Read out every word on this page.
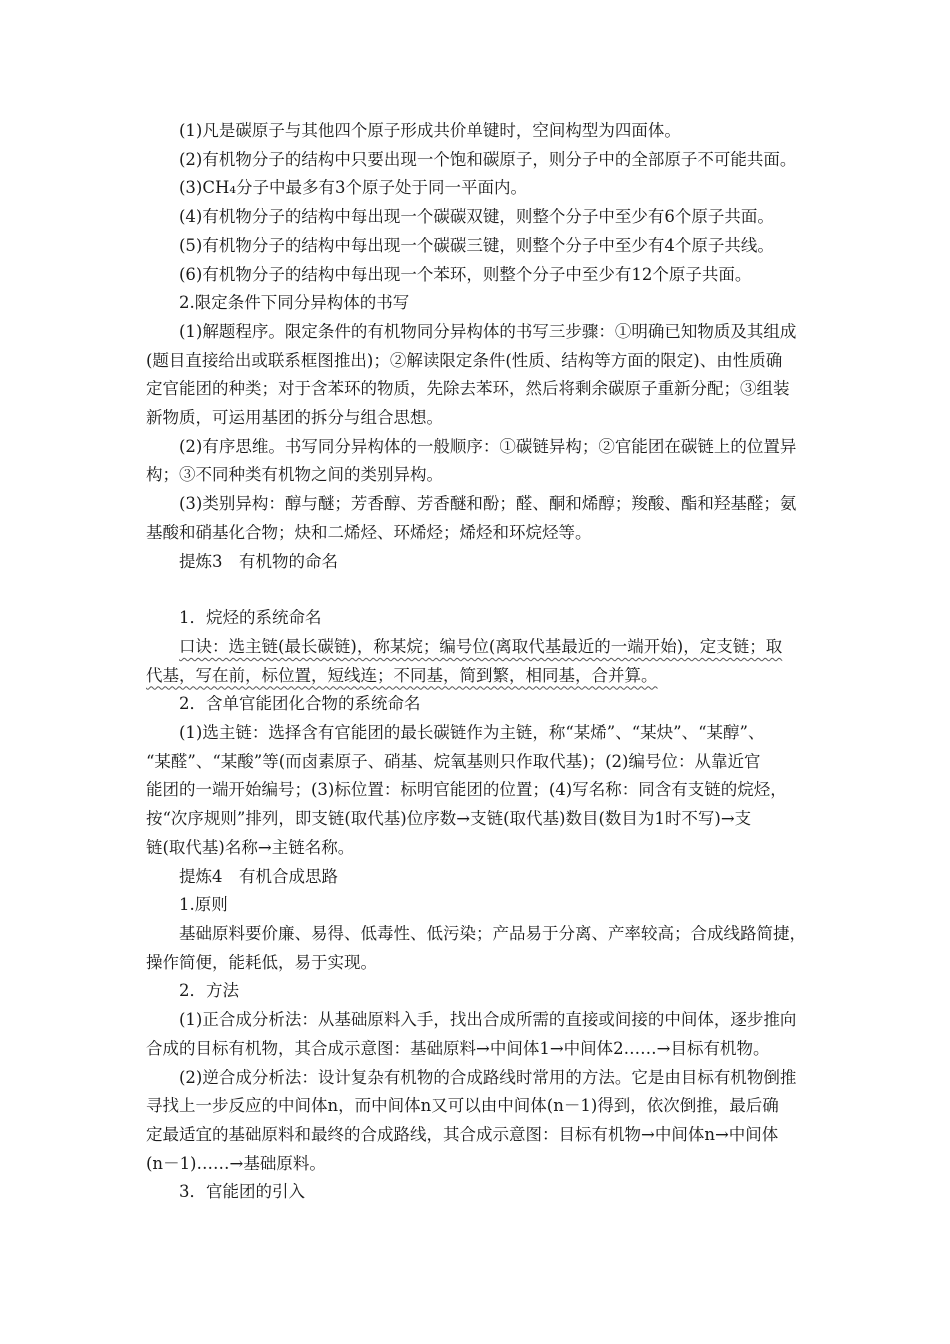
(1)凡是碳原子与其他四个原子形成共价单键时，空间构型为四面体。

(2)有机物分子的结构中只要出现一个饱和碳原子，则分子中的全部原子不可能共面。

(3)CH₄分子中最多有3个原子处于同一平面内。

(4)有机物分子的结构中每出现一个碳碳双键，则整个分子中至少有6个原子共面。

(5)有机物分子的结构中每出现一个碳碳三键，则整个分子中至少有4个原子共线。

(6)有机物分子的结构中每出现一个苯环，则整个分子中至少有12个原子共面。

2.限定条件下同分异构体的书写

(1)解题程序。限定条件的有机物同分异构体的书写三步骤：①明确已知物质及其组成

(题目直接给出或联系框图推出)；②解读限定条件(性质、结构等方面的限定)、由性质确

定官能团的种类；对于含苯环的物质，先除去苯环，然后将剩余碳原子重新分配；③组装

新物质，可运用基团的拆分与组合思想。

(2)有序思维。书写同分异构体的一般顺序：①碳链异构；②官能团在碳链上的位置异

构；③不同种类有机物之间的类别异构。

(3)类别异构：醇与醚；芳香醇、芳香醚和酚；醛、酮和烯醇；羧酸、酯和羟基醛；氨

基酸和硝基化合物；炔和二烯烃、环烯烃；烯烃和环烷烃等。

提炼3　有机物的命名

1．烷烃的系统命名

口诀：选主链(最长碳链)，称某烷；编号位(离取代基最近的一端开始)，定支链；取

代基，写在前，标位置，短线连；不同基，简到繁，相同基，合并算。

2．含单官能团化合物的系统命名

(1)选主链：选择含有官能团的最长碳链作为主链，称“某烯”、“某炔”、“某醇”、

“某醛”、“某酸”等(而卤素原子、硝基、烷氧基则只作取代基)；(2)编号位：从靠近官

能团的一端开始编号；(3)标位置：标明官能团的位置；(4)写名称：同含有支链的烷烃，

按“次序规则”排列，即支链(取代基)位序数→支链(取代基)数目(数目为1时不写)→支

链(取代基)名称→主链名称。

提炼4　有机合成思路

1.原则

基础原料要价廉、易得、低毒性、低污染；产品易于分离、产率较高；合成线路简捷，

操作简便，能耗低，易于实现。

2．方法

(1)正合成分析法：从基础原料入手，找出合成所需的直接或间接的中间体，逐步推向

合成的目标有机物，其合成示意图：基础原料→中间体1→中间体2……→目标有机物。

(2)逆合成分析法：设计复杂有机物的合成路线时常用的方法。它是由目标有机物倒推

寻找上一步反应的中间体n，而中间体n又可以由中间体(n－1)得到，依次倒推，最后确

定最适宜的基础原料和最终的合成路线，其合成示意图：目标有机物→中间体n→中间体

(n－1)……→基础原料。

3．官能团的引入
